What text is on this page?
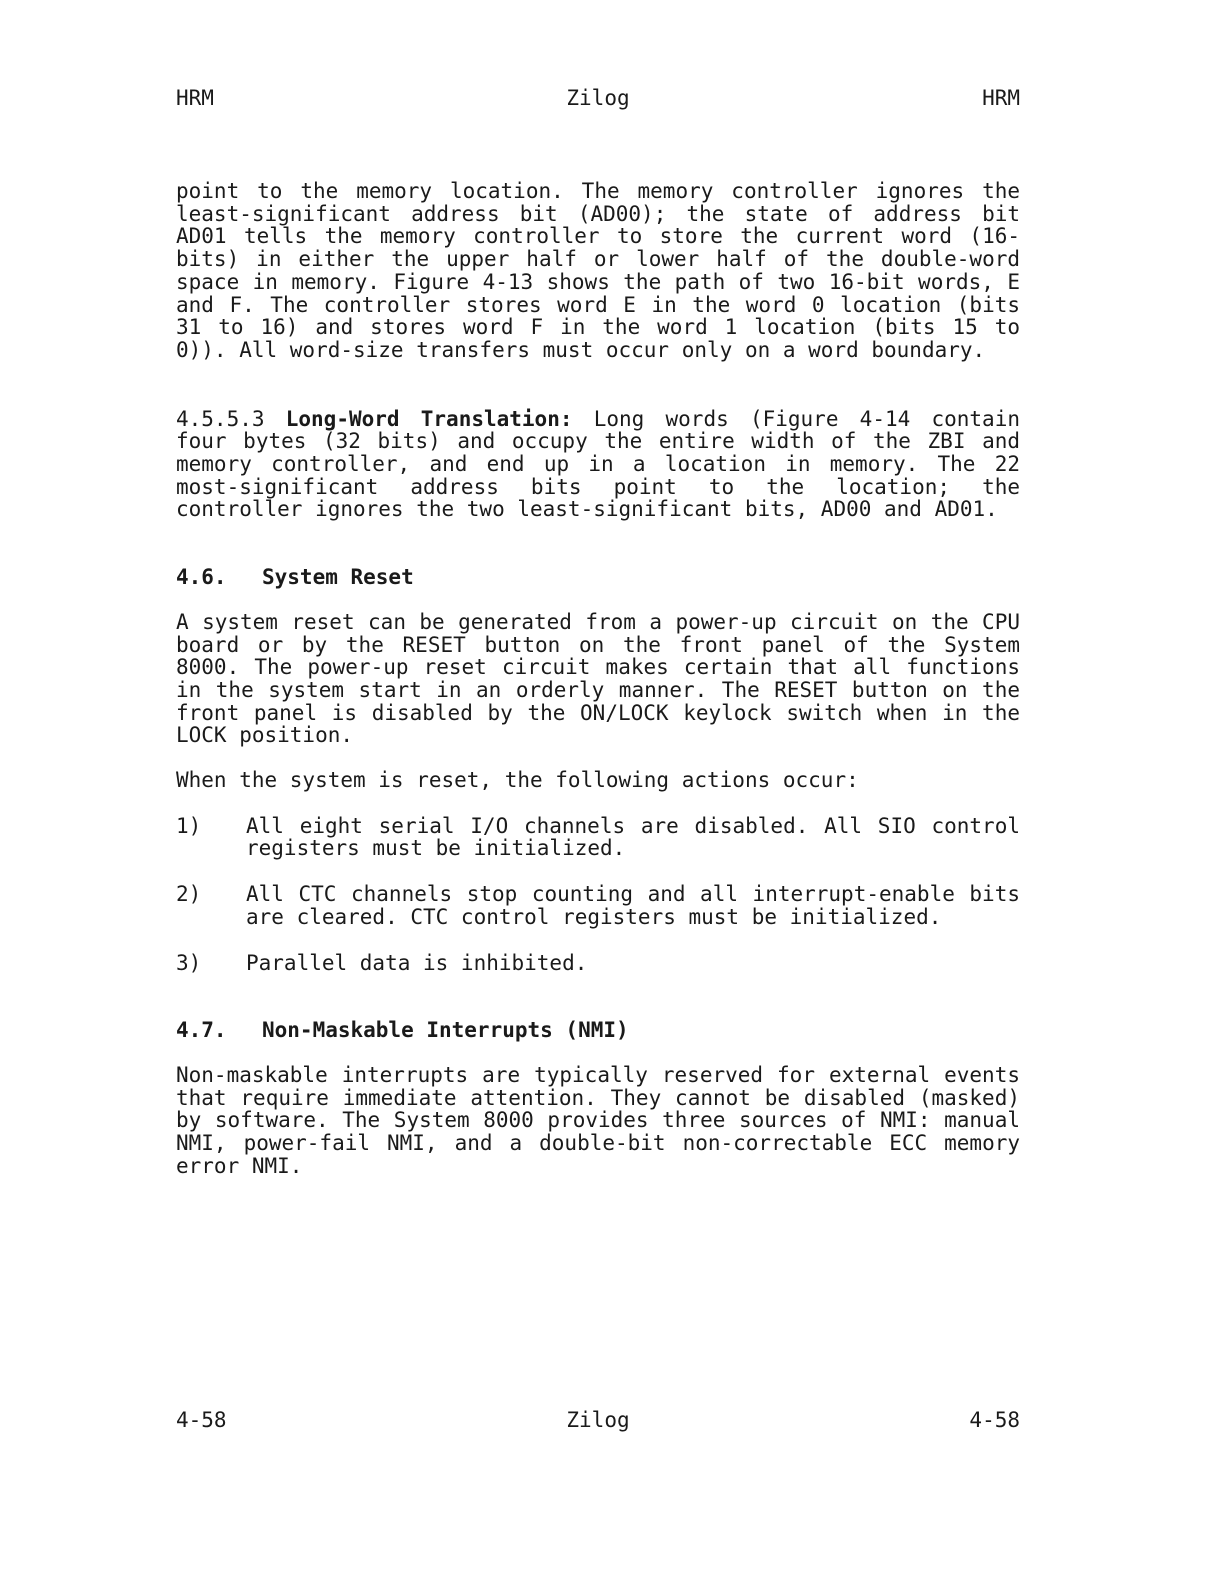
HRM	Zilog	HRM

point to the memory location. The memory controller ignores the least-significant address bit (AD00); the state of address bit AD01 tells the memory controller to store the current word (16-bits) in either the upper half or lower half of the double-word space in memory. Figure 4-13 shows the path of two 16-bit words, E and F. The controller stores word E in the word 0 location (bits 31 to 16) and stores word F in the word 1 location (bits 15 to 0)). All word-size transfers must occur only on a word boundary.

4.5.5.3 Long-Word Translation: Long words (Figure 4-14 contain four bytes (32 bits) and occupy the entire width of the ZBI and memory controller, and end up in a location in memory. The 22 most-significant address bits point to the location; the controller ignores the two least-significant bits, AD00 and AD01.

4.6.	System Reset

A system reset can be generated from a power-up circuit on the CPU board or by the RESET button on the front panel of the System 8000. The power-up reset circuit makes certain that all functions in the system start in an orderly manner. The RESET button on the front panel is disabled by the ON/LOCK keylock switch when in the LOCK position.

When the system is reset, the following actions occur:

1)	All eight serial I/O channels are disabled. All SIO control registers must be initialized.
2)	All CTC channels stop counting and all interrupt-enable bits are cleared. CTC control registers must be initialized.
3)	Parallel data is inhibited.
4.7.	Non-Maskable Interrupts (NMI)

Non-maskable interrupts are typically reserved for external events that require immediate attention. They cannot be disabled (masked) by software. The System 8000 provides three sources of NMI: manual NMI, power-fail NMI, and a double-bit non-correctable ECC memory error NMI.

4-58	Zilog	4-58
